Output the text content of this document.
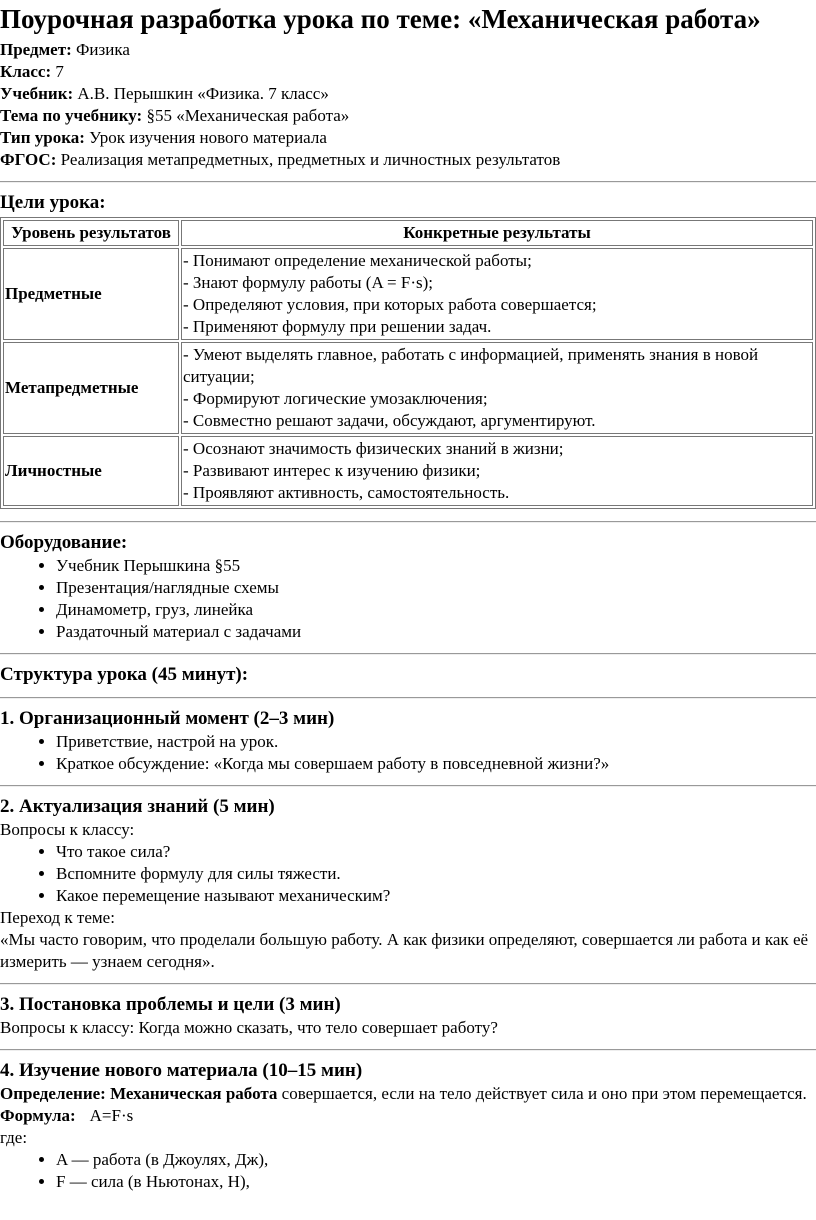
Поурочная разработка урока по теме: «Механическая работа»

Предмет: Физика

Класс: 7

Учебник: А.В. Перышкин «Физика. 7 класс»

Тема по учебнику: §55 «Механическая работа»

Тип урока: Урок изучения нового материала

ФГОС: Реализация метапредметных, предметных и личностных результатов

Цели урока:
Уровень результатов	Конкретные результаты
Предметные	- Понимают определение механической работы;
- Знают формулу работы (A = F·s);
- Определяют условия, при которых работа совершается;
- Применяют формулу при решении задач.

Метапредметные	- Умеют выделять главное, работать с информацией, применять знания в новой ситуации;
- Формируют логические умозаключения;
- Совместно решают задачи, обсуждают, аргументируют.

Личностные	- Осознают значимость физических знаний в жизни;
- Развивают интерес к изучению физики;
- Проявляют активность, самостоятельность.
Оборудование:
• Учебник Перышкина §55
• Презентация/наглядные схемы
• Динамометр, груз, линейка
• Раздаточный материал с задачами
Структура урока (45 минут):
1. Организационный момент (2–3 мин)
• Приветствие, настрой на урок.
• Краткое обсуждение: «Когда мы совершаем работу в повседневной жизни?»
2. Актуализация знаний (5 мин)

Вопросы к классу:

• Что такое сила?
• Вспомните формулу для силы тяжести.
• Какое перемещение называют механическим?

Переход к теме:

«Мы часто говорим, что проделали большую работу. А как физики определяют, совершается ли работа и как её измерить — узнаем сегодня».

3. Постановка проблемы и цели (3 мин)

Вопросы к классу: Когда можно сказать, что тело совершает работу?

4. Изучение нового материала (10–15 мин)

Определение: Механическая работа совершается, если на тело действует сила и оно при этом перемещается.

Формула: A=F·s

где:

• A — работа (в Джоулях, Дж),
• F — сила (в Ньютонах, Н),
